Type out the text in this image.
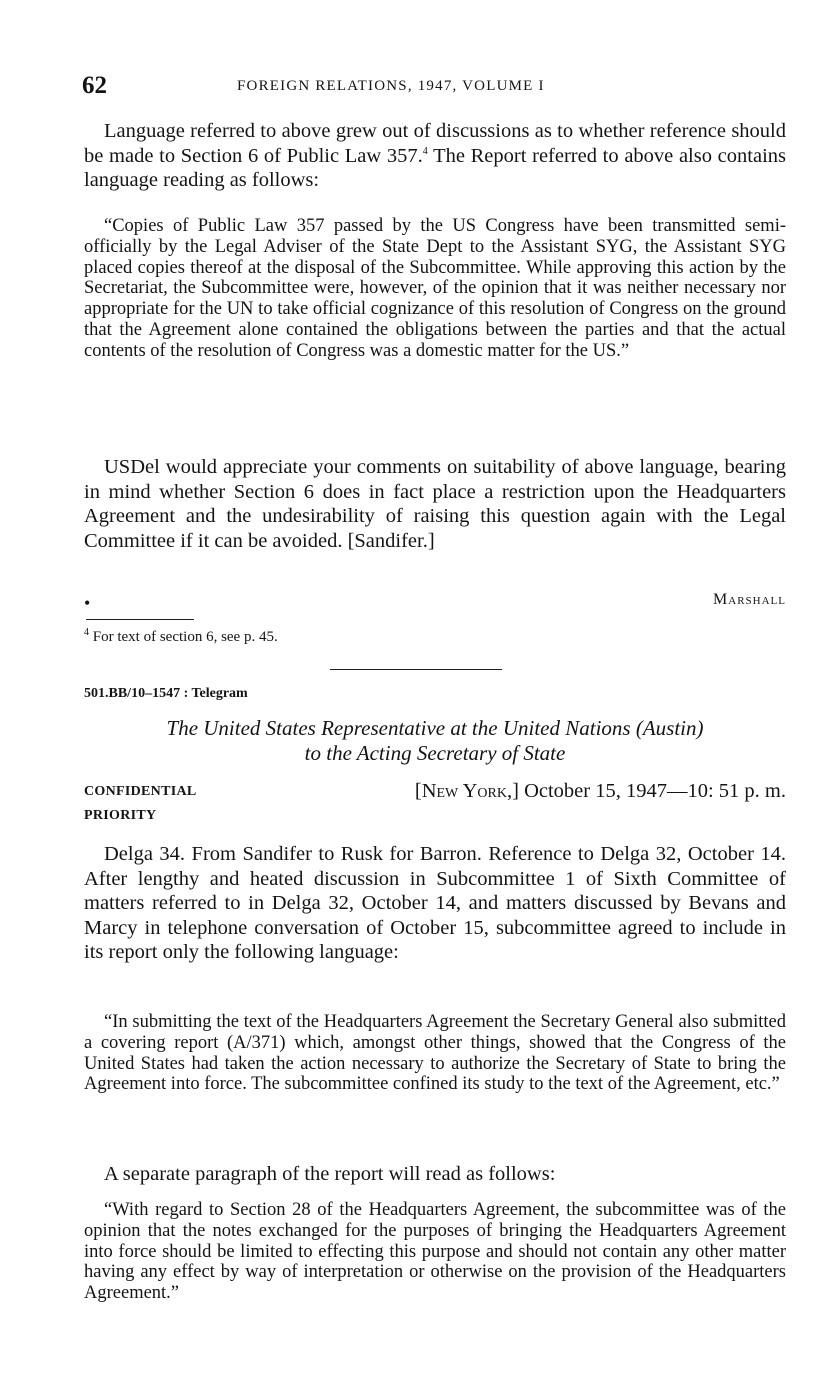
62	FOREIGN RELATIONS, 1947, VOLUME I

Language referred to above grew out of discussions as to whether reference should be made to Section 6 of Public Law 357.$^4$ The Report referred to above also contains language reading as follows:

“Copies of Public Law 357 passed by the US Congress have been transmitted semi-officially by the Legal Adviser of the State Dept to the Assistant SYG, the Assistant SYG placed copies thereof at the disposal of the Subcommittee. While approving this action by the Secretariat, the Subcommittee were, however, of the opinion that it was neither necessary nor appropriate for the UN to take official cognizance of this resolution of Congress on the ground that the Agreement alone contained the obligations between the parties and that the actual contents of the resolution of Congress was a domestic matter for the US.”

USDel would appreciate your comments on suitability of above language, bearing in mind whether Section 6 does in fact place a restriction upon the Headquarters Agreement and the undesirability of raising this question again with the Legal Committee if it can be avoided. [Sandifer.]

•	Marshall
$^4$ For text of section 6, see p. 45.
501.BB/10–1547 : Telegram

The United States Representative at the United Nations (Austin)
to the Acting Secretary of State

CONFIDENTIAL	[New York,] October 15, 1947—10: 51 p. m.
PRIORITY

Delga 34. From Sandifer to Rusk for Barron. Reference to Delga 32, October 14. After lengthy and heated discussion in Subcommittee 1 of Sixth Committee of matters referred to in Delga 32, October 14, and matters discussed by Bevans and Marcy in telephone conversation of October 15, subcommittee agreed to include in its report only the following language:

“In submitting the text of the Headquarters Agreement the Secretary General also submitted a covering report (A/371) which, amongst other things, showed that the Congress of the United States had taken the action necessary to authorize the Secretary of State to bring the Agreement into force. The subcommittee confined its study to the text of the Agreement, etc.”

A separate paragraph of the report will read as follows:

“With regard to Section 28 of the Headquarters Agreement, the subcommittee was of the opinion that the notes exchanged for the purposes of bringing the Headquarters Agreement into force should be limited to effecting this purpose and should not contain any other matter having any effect by way of interpretation or otherwise on the provision of the Headquarters Agreement.”
